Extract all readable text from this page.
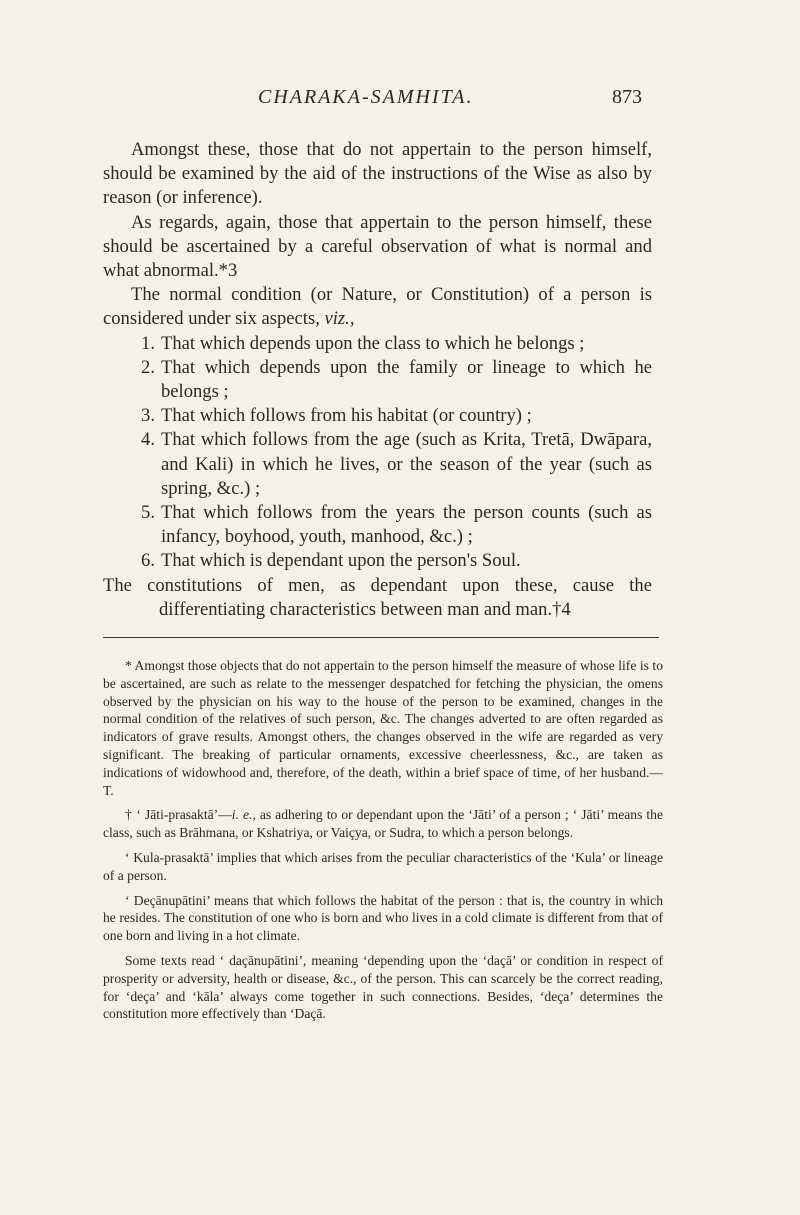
CHARAKA-SAMHITA.	873

Amongst these, those that do not appertain to the person himself, should be examined by the aid of the instructions of the Wise as also by reason (or inference).

As regards, again, those that appertain to the person himself, these should be ascertained by a careful observation of what is normal and what abnormal.*3

The normal condition (or Nature, or Constitution) of a person is considered under six aspects, viz.,

1. That which depends upon the class to which he belongs ;
2. That which depends upon the family or lineage to which he belongs ;
3. That which follows from his habitat (or country) ;
4. That which follows from the age (such as Krita, Tretā, Dwāpara, and Kali) in which he lives, or the season of the year (such as spring, &c.) ;
5. That which follows from the years the person counts (such as infancy, boyhood, youth, manhood, &c.) ;
6. That which is dependant upon the person's Soul.
The constitutions of men, as dependant upon these, cause the differentiating characteristics between man and man.†4

* Amongst those objects that do not appertain to the person himself the measure of whose life is to be ascertained, are such as relate to the messenger despatched for fetching the physician, the omens observed by the physician on his way to the house of the person to be examined, changes in the normal condition of the relatives of such person, &c. The changes adverted to are often regarded as indicators of grave results. Amongst others, the changes observed in the wife are regarded as very significant. The breaking of particular ornaments, excessive cheerlessness, &c., are taken as indications of widowhood and, therefore, of the death, within a brief space of time, of her husband.—T.

† ‘ Jāti-prasaktā’—i. e., as adhering to or dependant upon the ‘Jāti’ of a person ; ‘ Jāti’ means the class, such as Brāhmana, or Kshatriya, or Vaiçya, or Sudra, to which a person belongs.

‘ Kula-prasaktā’ implies that which arises from the peculiar characteristics of the ‘Kula’ or lineage of a person.

‘ Deçānupātini’ means that which follows the habitat of the person : that is, the country in which he resides. The constitution of one who is born and who lives in a cold climate is different from that of one born and living in a hot climate.

Some texts read ‘ daçānupātini’, meaning ‘depending upon the ‘daçā’ or condition in respect of prosperity or adversity, health or disease, &c., of the person. This can scarcely be the correct reading, for ‘deça’ and ‘kāla’ always come together in such connections. Besides, ‘deça’ determines the constitution more effectively than ‘Daçā.
